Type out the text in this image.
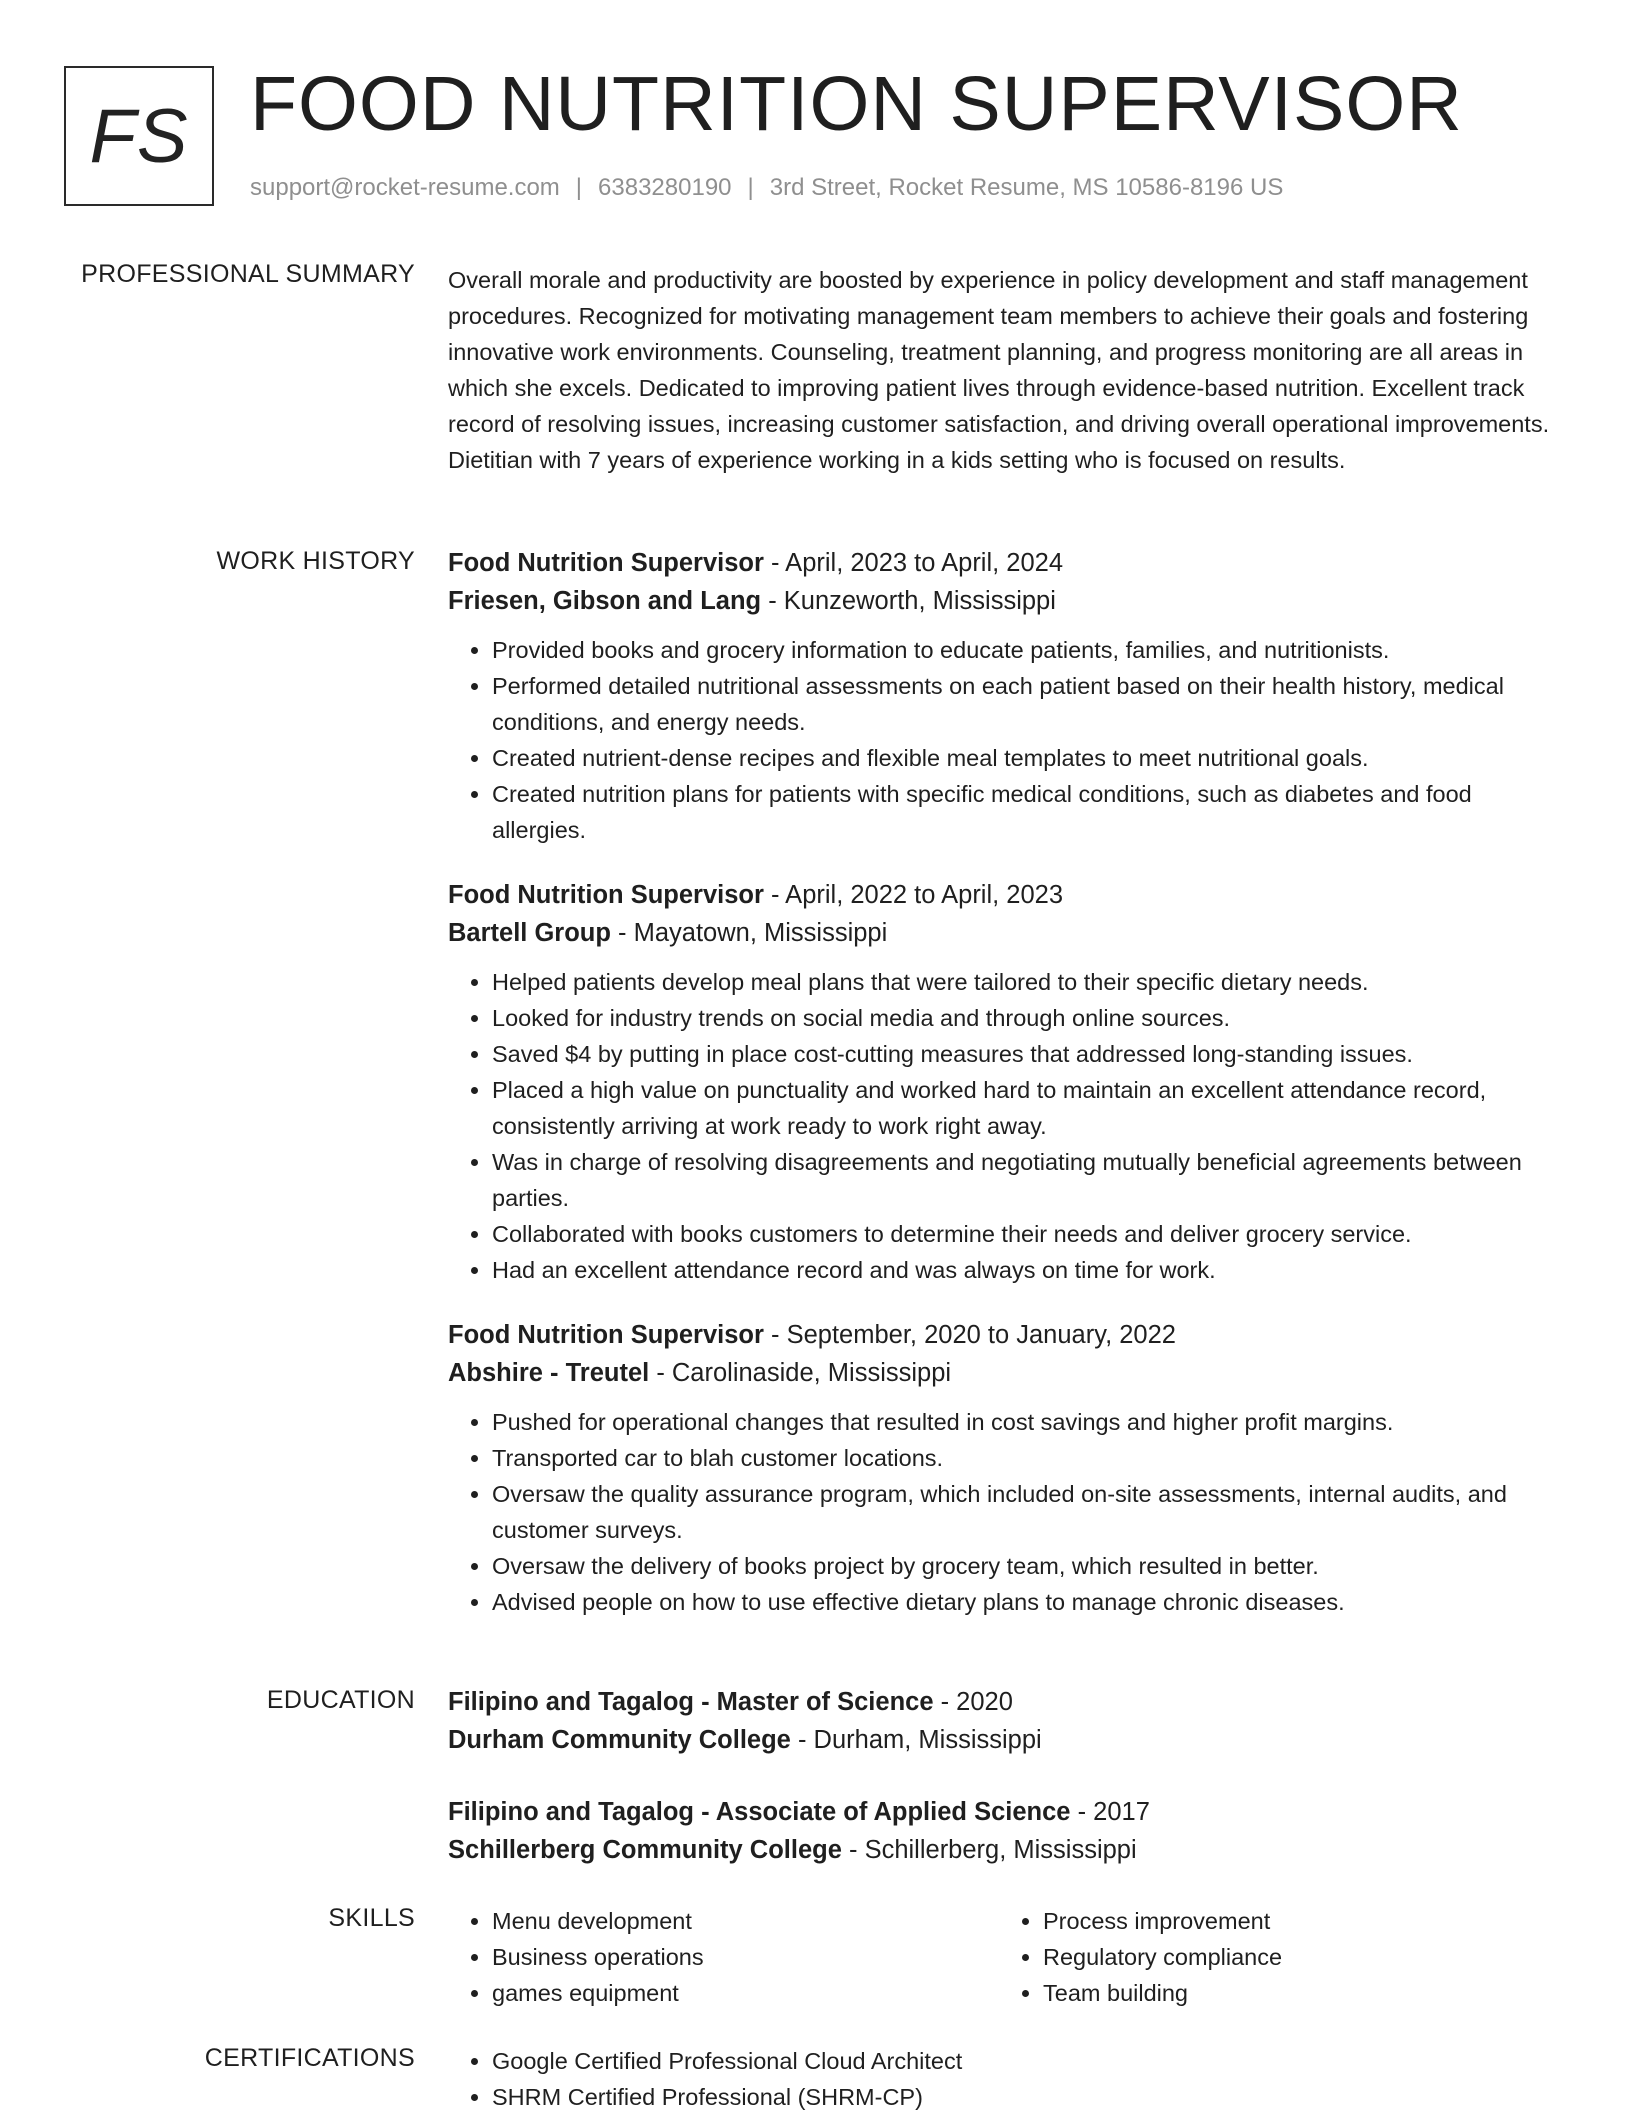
FS FOOD NUTRITION SUPERVISOR
support@rocket-resume.com | 6383280190 | 3rd Street, Rocket Resume, MS 10586-8196 US
PROFESSIONAL SUMMARY Overall morale and productivity are boosted by experience in policy development and staff management procedures. Recognized for motivating management team members to achieve their goals and fostering innovative work environments. Counseling, treatment planning, and progress monitoring are all areas in which she excels. Dedicated to improving patient lives through evidence-based nutrition. Excellent track record of resolving issues, increasing customer satisfaction, and driving overall operational improvements. Dietitian with 7 years of experience working in a kids setting who is focused on results.

WORK HISTORY Food Nutrition Supervisor - April, 2023 to April, 2024
Friesen, Gibson and Lang - Kunzeworth, Mississippi
• Provided books and grocery information to educate patients, families, and nutritionists.
• Performed detailed nutritional assessments on each patient based on their health history, medical conditions, and energy needs.
• Created nutrient-dense recipes and flexible meal templates to meet nutritional goals.
• Created nutrition plans for patients with specific medical conditions, such as diabetes and food allergies.
Food Nutrition Supervisor - April, 2022 to April, 2023
Bartell Group - Mayatown, Mississippi
• Helped patients develop meal plans that were tailored to their specific dietary needs.
• Looked for industry trends on social media and through online sources.
• Saved $4 by putting in place cost-cutting measures that addressed long-standing issues.
• Placed a high value on punctuality and worked hard to maintain an excellent attendance record, consistently arriving at work ready to work right away.
• Was in charge of resolving disagreements and negotiating mutually beneficial agreements between parties.
• Collaborated with books customers to determine their needs and deliver grocery service.
• Had an excellent attendance record and was always on time for work.
Food Nutrition Supervisor - September, 2020 to January, 2022
Abshire - Treutel - Carolinaside, Mississippi
• Pushed for operational changes that resulted in cost savings and higher profit margins.
• Transported car to blah customer locations.
• Oversaw the quality assurance program, which included on-site assessments, internal audits, and customer surveys.
• Oversaw the delivery of books project by grocery team, which resulted in better.
• Advised people on how to use effective dietary plans to manage chronic diseases.
EDUCATION Filipino and Tagalog - Master of Science - 2020
Durham Community College - Durham, Mississippi
Filipino and Tagalog - Associate of Applied Science - 2017
Schillerberg Community College - Schillerberg, Mississippi
SKILLS	• Menu development
• Business operations
• games equipment
• Process improvement
• Regulatory compliance
• Team building
CERTIFICATIONS	• Google Certified Professional Cloud Architect
• SHRM Certified Professional (SHRM-CP)
